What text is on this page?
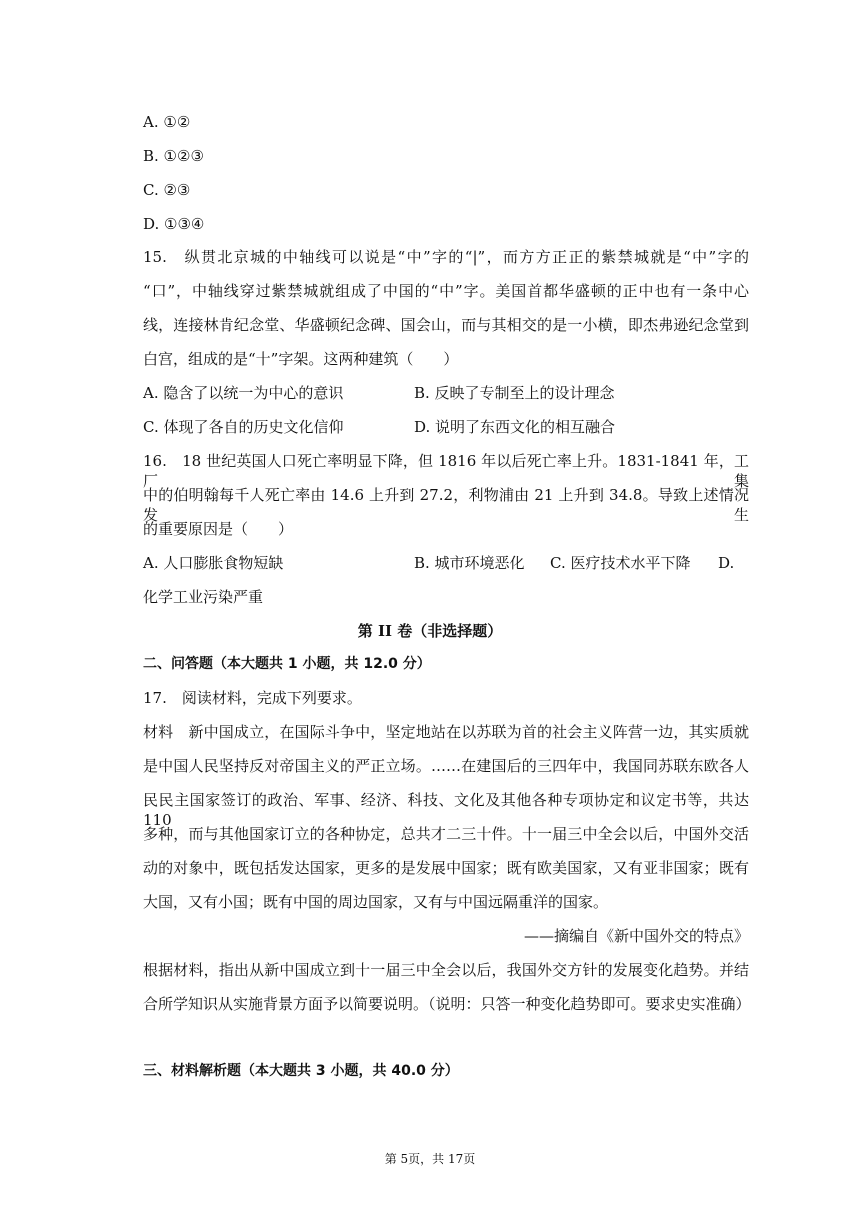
A. ①②
B. ①②③
C. ②③
D. ①③④
15.　纵贯北京城的中轴线可以说是“中”字的“|”，而方方正正的紫禁城就是“中”字的
“口”，中轴线穿过紫禁城就组成了中国的“中”字。美国首都华盛顿的正中也有一条中心
线，连接林肯纪念堂、华盛顿纪念碑、国会山，而与其相交的是一小横，即杰弗逊纪念堂到
白宫，组成的是“十”字架。这两种建筑（　　）
A. 隐含了以统一为中心的意识	B. 反映了专制至上的设计理念
C. 体现了各自的历史文化信仰	D. 说明了东西文化的相互融合
16.　18 世纪英国人口死亡率明显下降，但 1816 年以后死亡率上升。1831-1841 年，工厂集
中的伯明翰每千人死亡率由 14.6 上升到 27.2，利物浦由 21 上升到 34.8。导致上述情况发生
的重要原因是（　　）
A. 人口膨胀食物短缺	B. 城市环境恶化 C. 医疗技术水平下降 D.
化学工业污染严重
第 II 卷（非选择题）
二、问答题（本大题共 1 小题，共 12.0 分）
17.　阅读材料，完成下列要求。
材料　新中国成立，在国际斗争中，坚定地站在以苏联为首的社会主义阵营一边，其实质就
是中国人民坚持反对帝国主义的严正立场。……在建国后的三四年中，我国同苏联东欧各人
民民主国家签订的政治、军事、经济、科技、文化及其他各种专项协定和议定书等，共达 110
多种，而与其他国家订立的各种协定，总共才二三十件。十一届三中全会以后，中国外交活
动的对象中，既包括发达国家，更多的是发展中国家；既有欧美国家，又有亚非国家；既有
大国，又有小国；既有中国的周边国家，又有与中国远隔重洋的国家。
——摘编自《新中国外交的特点》
根据材料，指出从新中国成立到十一届三中全会以后，我国外交方针的发展变化趋势。并结
合所学知识从实施背景方面予以简要说明。（说明：只答一种变化趋势即可。要求史实准确）
三、材料解析题（本大题共 3 小题，共 40.0 分）
第 5页，共 17页
